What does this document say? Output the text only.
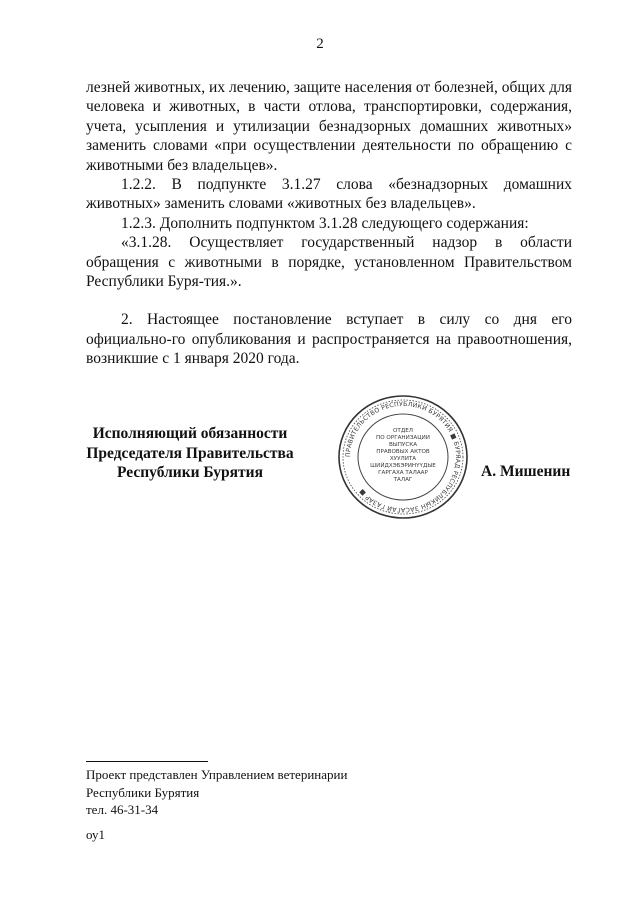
2

лезней животных, их лечению, защите населения от болезней, общих для человека и животных, в части отлова, транспортировки, содержания, учета, усыпления и утилизации безнадзорных домашних животных» заменить словами «при осуществлении деятельности по обращению с животными без владельцев».

1.2.2. В подпункте 3.1.27 слова «безнадзорных домашних животных» заменить словами «животных без владельцев».

1.2.3. Дополнить подпунктом 3.1.28 следующего содержания:

«3.1.28. Осуществляет государственный надзор в области обращения с животными в порядке, установленном Правительством Республики Буря-тия.».

2. Настоящее постановление вступает в силу со дня его официально-го опубликования и распространяется на правоотношения, возникшие с 1 января 2020 года.

Исполняющий обязанности
Председателя Правительства
Республики Бурятия
ПРАВИТЕЛЬСТВО РЕСПУБЛИКИ БУРЯТИЯ ■ БУРЯАД РЕСПУБЛИКЫН ЗАСАГАЙ ГАЗАР ■
ОТДЕЛ
ПО ОРГАНИЗАЦИИ
ВЫПУСКА
ПРАВОВЫХ АКТОВ
ХУУЛИТА
ШИЙДХЭБЭРИНҮҮДЫЕ
ГАРГАХА ТАЛААР
ТАЛАГ	А. Мишенин

Проект представлен Управлением ветеринарии

Республики Бурятия

тел. 46-31-34

оу1
